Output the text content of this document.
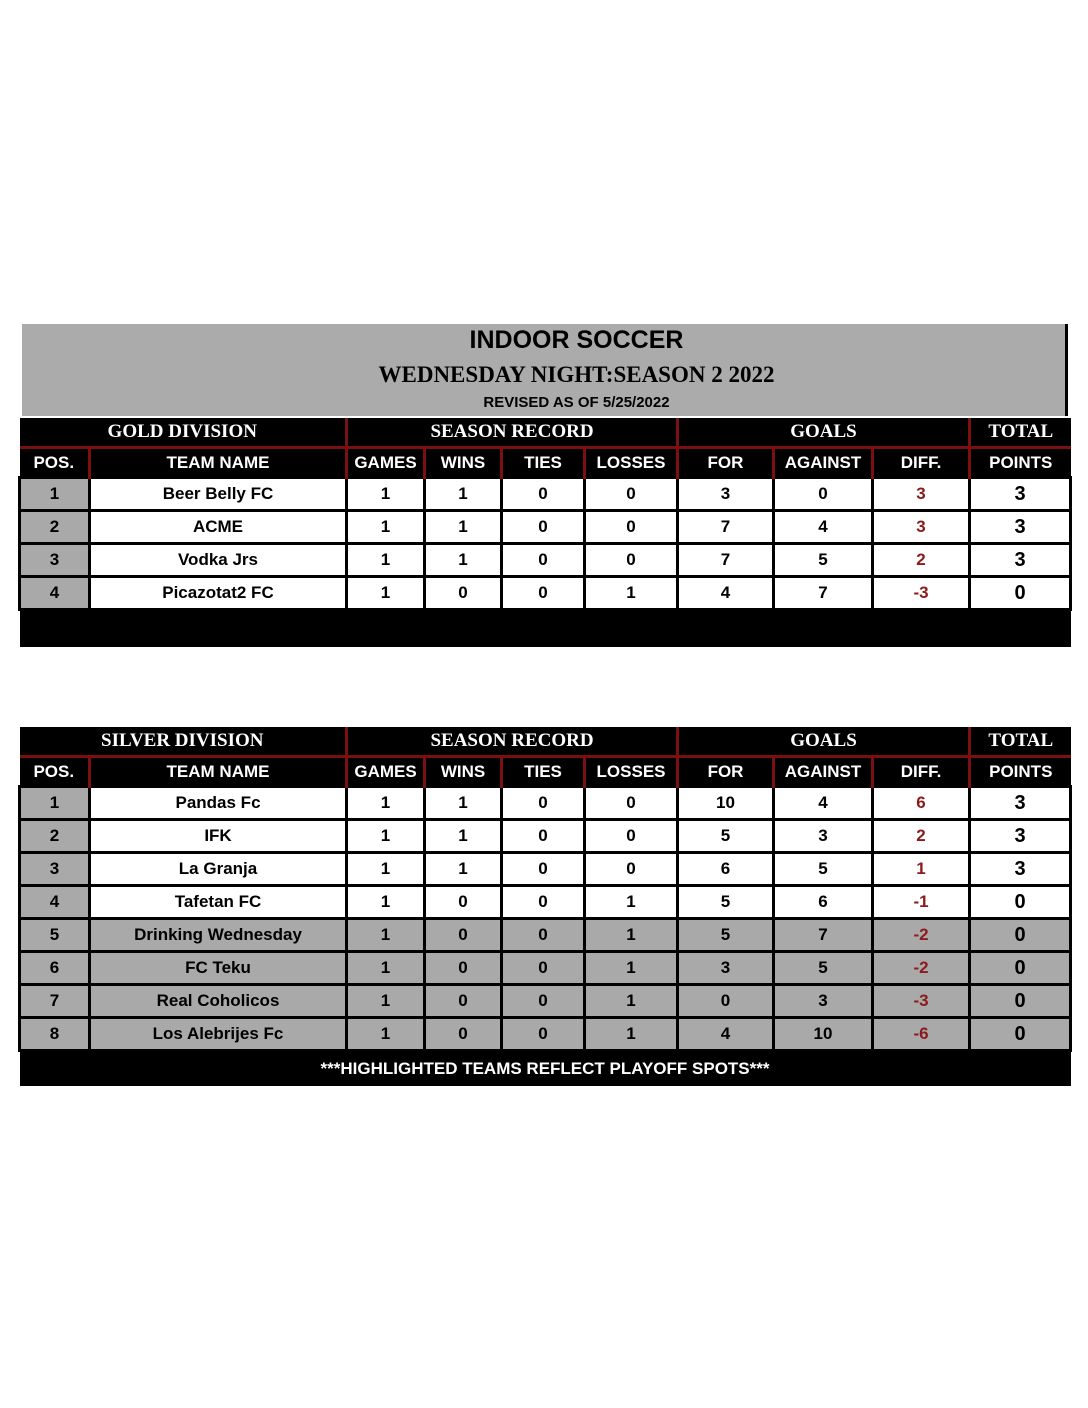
INDOOR SOCCER
WEDNESDAY NIGHT:SEASON 2 2022
REVISED AS OF 5/25/2022
GOLD DIVISION		SEASON RECORD				GOALS			TOTAL
POS.	TEAM NAME	GAMES	WINS	TIES	LOSSES	FOR	AGAINST	DIFF.	POINTS
1	Beer Belly FC	1	1	0	0	3	0	3	3
2	ACME	1	1	0	0	7	4	3	3
3	Vodka Jrs	1	1	0	0	7	5	2	3
4	Picazotat2 FC	1	0	0	1	4	7	-3	0

SILVER DIVISION		SEASON RECORD				GOALS			TOTAL
POS.	TEAM NAME	GAMES	WINS	TIES	LOSSES	FOR	AGAINST	DIFF.	POINTS
1	Pandas Fc	1	1	0	0	10	4	6	3
2	IFK	1	1	0	0	5	3	2	3
3	La Granja	1	1	0	0	6	5	1	3
4	Tafetan FC	1	0	0	1	5	6	-1	0
5	Drinking Wednesday	1	0	0	1	5	7	-2	0
6	FC Teku	1	0	0	1	3	5	-2	0
7	Real Coholicos	1	0	0	1	0	3	-3	0
8	Los Alebrijes Fc	1	0	0	1	4	10	-6	0
***HIGHLIGHTED TEAMS REFLECT PLAYOFF SPOTS***									
